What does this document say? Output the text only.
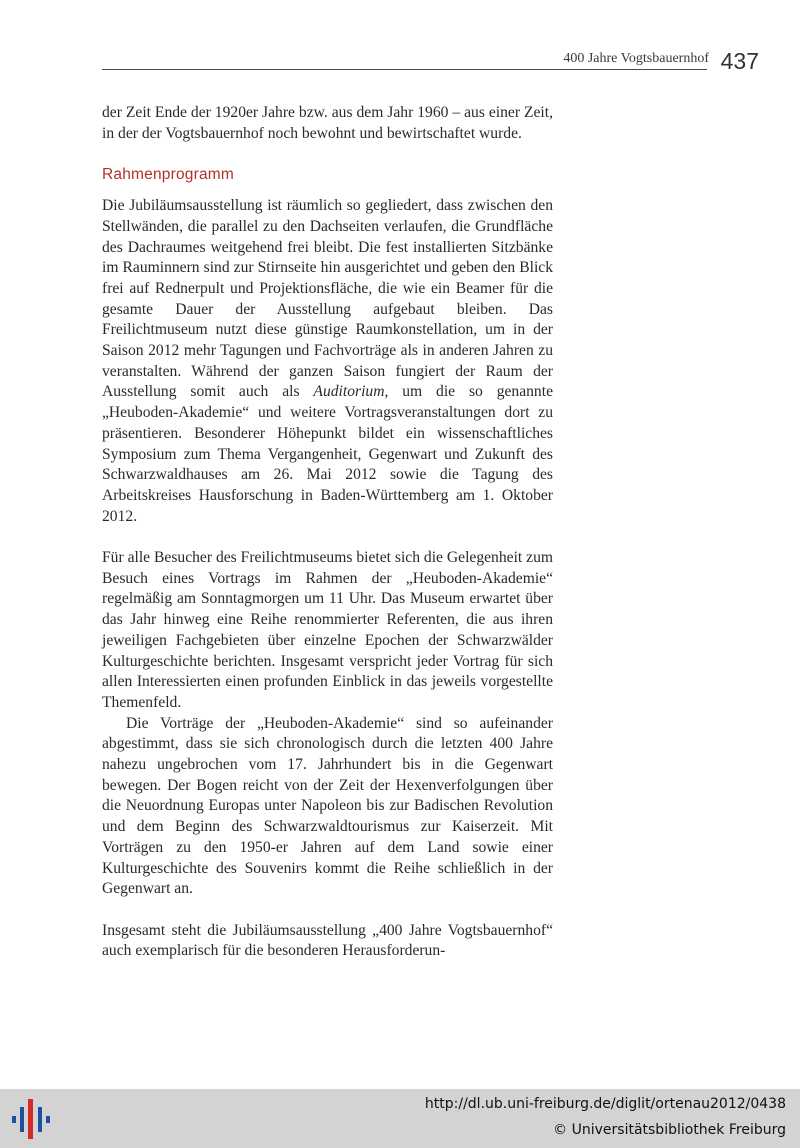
400 Jahre Vogtsbauernhof 437

der Zeit Ende der 1920er Jahre bzw. aus dem Jahr 1960 – aus einer Zeit, in der der Vogtsbauernhof noch bewohnt und bewirtschaftet wurde.

Rahmenprogramm

Die Jubiläumsausstellung ist räumlich so gegliedert, dass zwischen den Stellwänden, die parallel zu den Dachseiten verlaufen, die Grundfläche des Dachraumes weitgehend frei bleibt. Die fest installierten Sitzbänke im Rauminnern sind zur Stirnseite hin ausgerichtet und geben den Blick frei auf Rednerpult und Projektionsfläche, die wie ein Beamer für die gesamte Dauer der Ausstellung aufgebaut bleiben. Das Freilichtmuseum nutzt diese günstige Raumkonstellation, um in der Saison 2012 mehr Tagungen und Fachvorträge als in anderen Jahren zu veranstalten. Während der ganzen Saison fungiert der Raum der Ausstellung somit auch als Auditorium, um die so genannte „Heuboden-Akademie“ und weitere Vortragsveranstaltungen dort zu präsentieren. Besonderer Höhepunkt bildet ein wissenschaftliches Symposium zum Thema Vergangenheit, Gegenwart und Zukunft des Schwarzwaldhauses am 26. Mai 2012 sowie die Tagung des Arbeitskreises Hausforschung in Baden-Württemberg am 1. Oktober 2012.

Für alle Besucher des Freilichtmuseums bietet sich die Gelegenheit zum Besuch eines Vortrags im Rahmen der „Heuboden-Akademie“ regelmäßig am Sonntagmorgen um 11 Uhr. Das Museum erwartet über das Jahr hinweg eine Reihe renommierter Referenten, die aus ihren jeweiligen Fachgebieten über einzelne Epochen der Schwarzwälder Kulturgeschichte berichten. Insgesamt verspricht jeder Vortrag für sich allen Interessierten einen profunden Einblick in das jeweils vorgestellte Themenfeld.

Die Vorträge der „Heuboden-Akademie“ sind so aufeinander abgestimmt, dass sie sich chronologisch durch die letzten 400 Jahre nahezu ungebrochen vom 17. Jahrhundert bis in die Gegenwart bewegen. Der Bogen reicht von der Zeit der Hexenverfolgungen über die Neuordnung Europas unter Napoleon bis zur Badischen Revolution und dem Beginn des Schwarzwaldtourismus zur Kaiserzeit. Mit Vorträgen zu den 1950-er Jahren auf dem Land sowie einer Kulturgeschichte des Souvenirs kommt die Reihe schließlich in der Gegenwart an.

Insgesamt steht die Jubiläumsausstellung „400 Jahre Vogtsbauernhof“ auch exemplarisch für die besonderen Herausforderun-

http://dl.ub.uni-freiburg.de/diglit/ortenau2012/0438
© Universitätsbibliothek Freiburg
